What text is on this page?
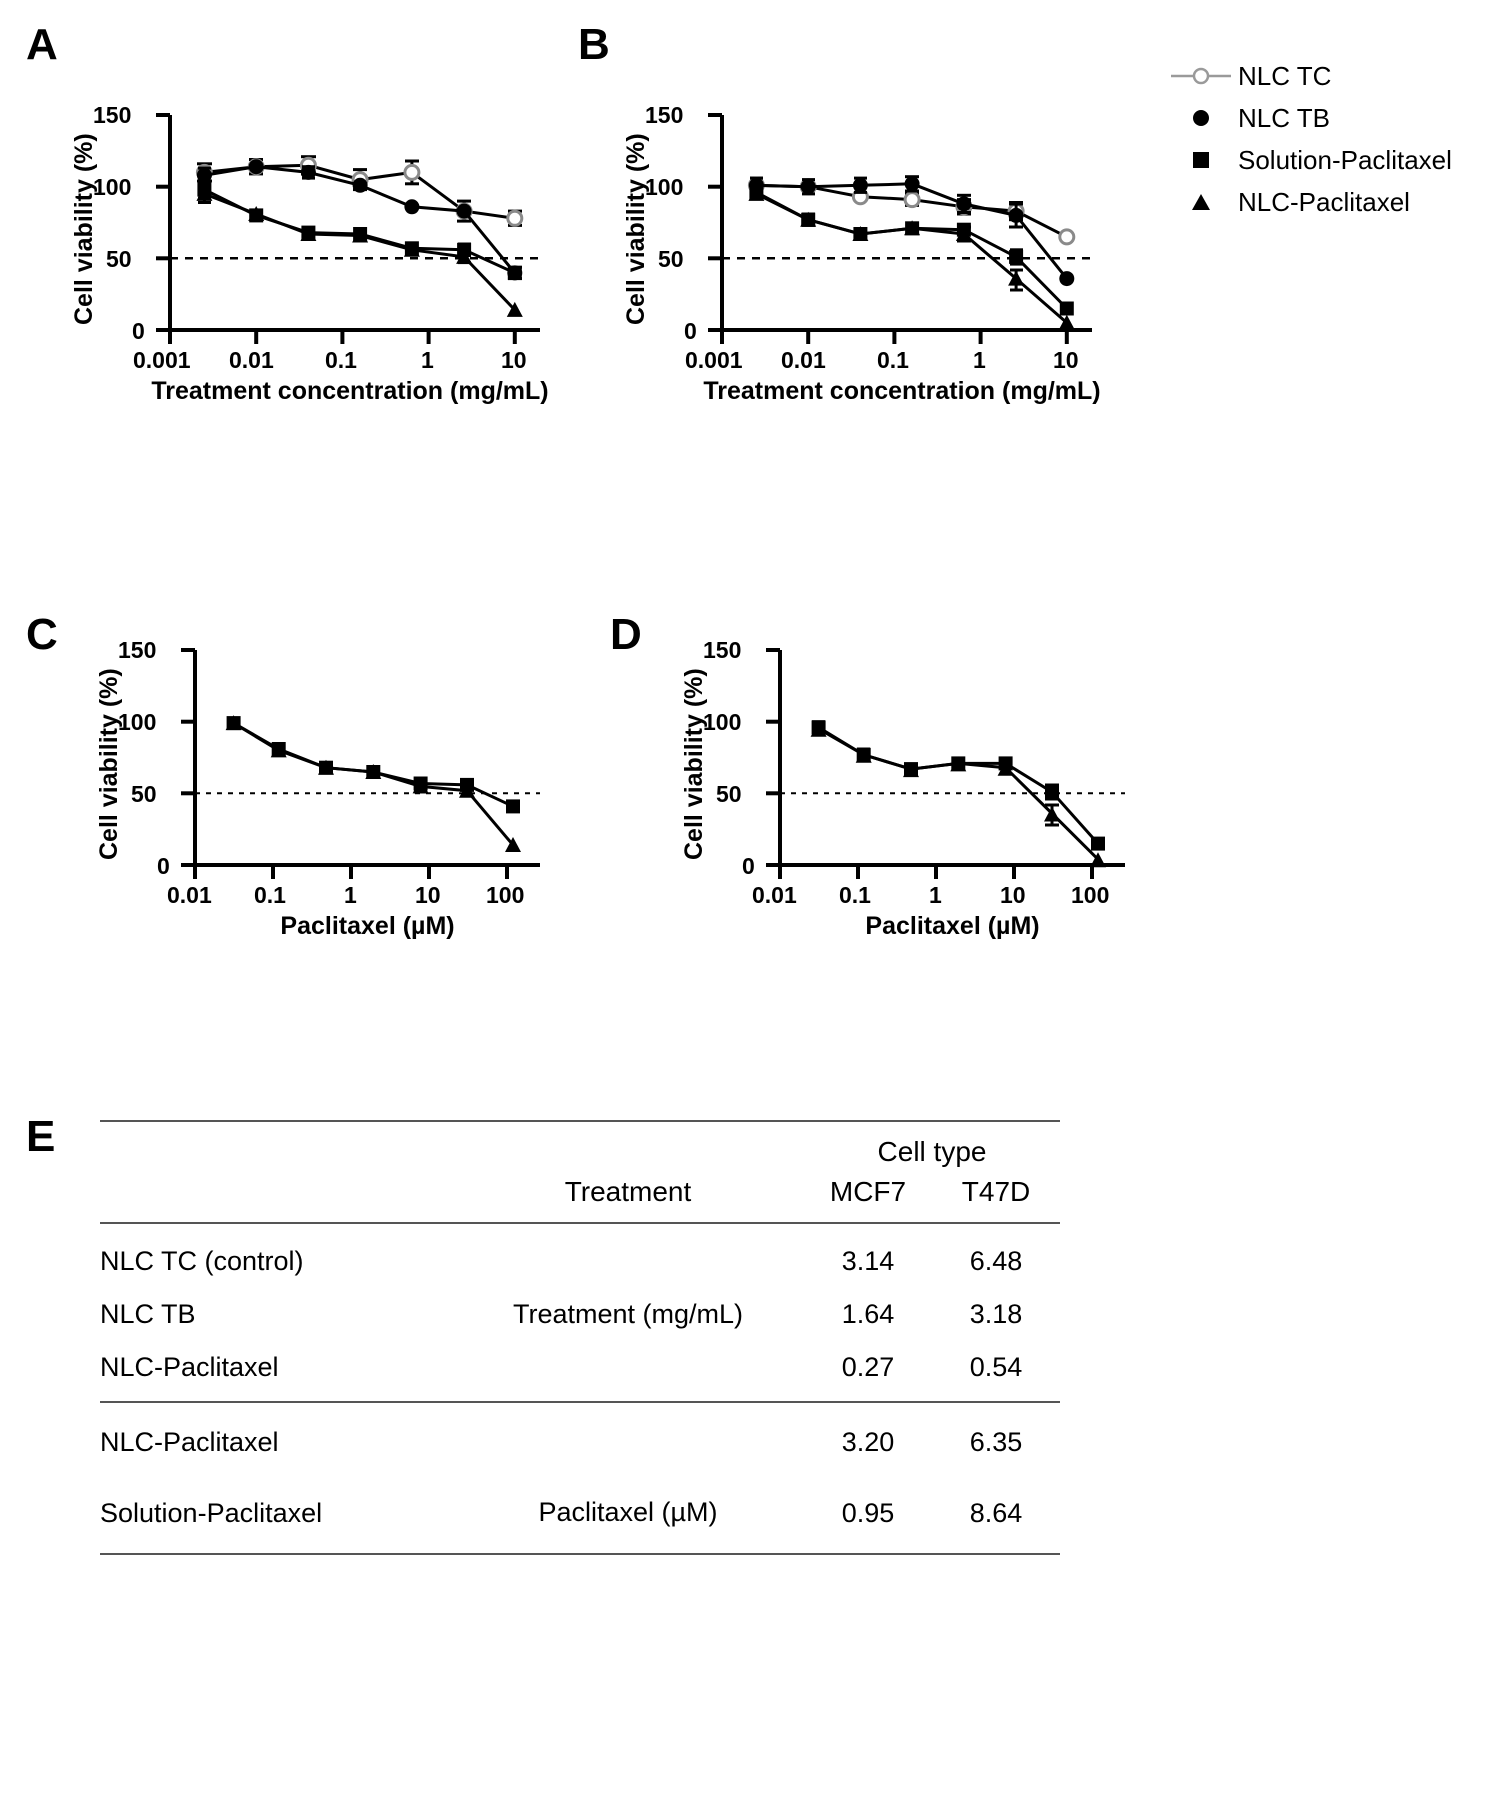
A
0
50
100
150
0.001 0.01 0.1	1	10
Cell viability (%)
Treatment concentration (mg/mL)
B
0
50
100
150
0.001 0.01 0.1	1	10
Cell viability (%)
Treatment concentration (mg/mL)
NLC TC
NLC TB
Solution-Paclitaxel
NLC-Paclitaxel
C
0
50
100
150
0.01 0.1	1	10 100
Cell viability (%)
Paclitaxel (µM)
D
0
50
100
150
0.01 0.1	1	10 100
Cell viability (%)
Paclitaxel (µM)
E
			Cell type	
	Treatment	MCF7	T47D
NLC TC (control)		3.14	6.48
NLC TB	Treatment (mg/mL)	1.64	3.18
NLC-Paclitaxel		0.27	0.54
NLC-Paclitaxel		3.20	6.35
Solution-Paclitaxel	Paclitaxel (µM)	0.95	8.64
